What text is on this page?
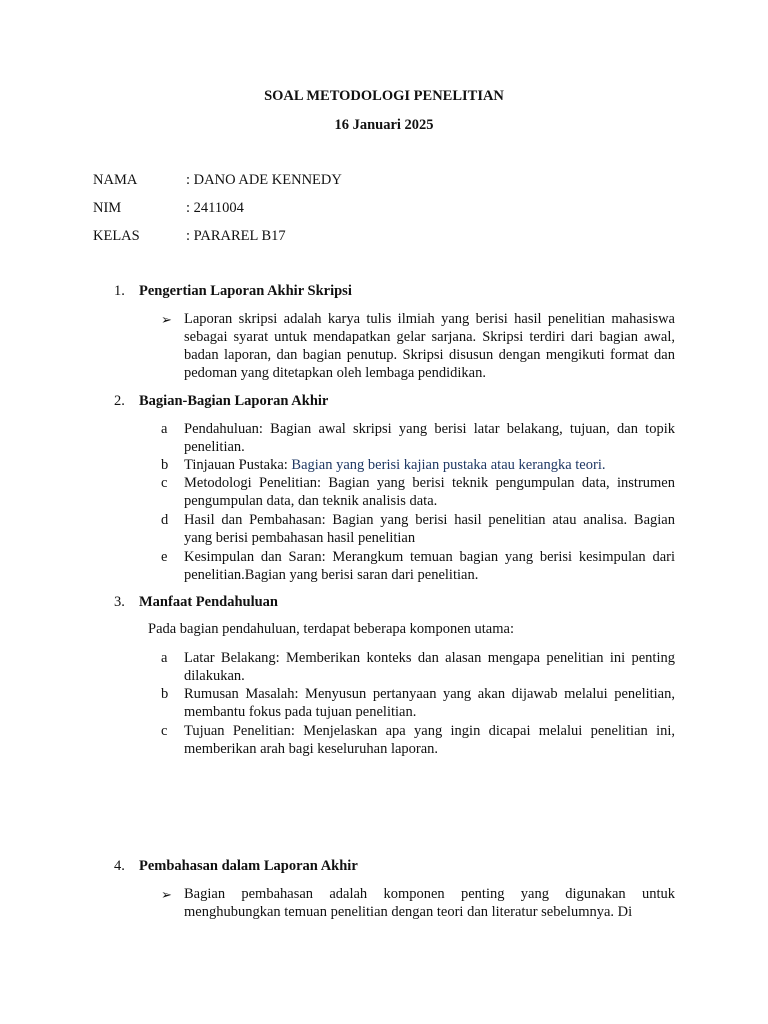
SOAL METODOLOGI PENELITIAN
16 Januari 2025
NAMA	: DANO ADE KENNEDY
NIM	: 2411004
KELAS	: PARAREL B17
1. Pengertian Laporan Akhir Skripsi
➢ Laporan skripsi adalah karya tulis ilmiah yang berisi hasil penelitian mahasiswa sebagai syarat untuk mendapatkan gelar sarjana. Skripsi terdiri dari bagian awal, badan laporan, dan bagian penutup. Skripsi disusun dengan mengikuti format dan pedoman yang ditetapkan oleh lembaga pendidikan.
2. Bagian-Bagian Laporan Akhir
a Pendahuluan: Bagian awal skripsi yang berisi latar belakang, tujuan, dan topik penelitian.
b Tinjauan Pustaka: Bagian yang berisi kajian pustaka atau kerangka teori.
c Metodologi Penelitian: Bagian yang berisi teknik pengumpulan data, instrumen pengumpulan data, dan teknik analisis data.
d Hasil dan Pembahasan: Bagian yang berisi hasil penelitian atau analisa. Bagian yang berisi pembahasan hasil penelitian
e Kesimpulan dan Saran: Merangkum temuan bagian yang berisi kesimpulan dari penelitian.Bagian yang berisi saran dari penelitian.
3. Manfaat Pendahuluan
Pada bagian pendahuluan, terdapat beberapa komponen utama:
a Latar Belakang: Memberikan konteks dan alasan mengapa penelitian ini penting dilakukan.
b Rumusan Masalah: Menyusun pertanyaan yang akan dijawab melalui penelitian, membantu fokus pada tujuan penelitian.
c Tujuan Penelitian: Menjelaskan apa yang ingin dicapai melalui penelitian ini, memberikan arah bagi keseluruhan laporan.
4. Pembahasan dalam Laporan Akhir
➢ Bagian pembahasan adalah komponen penting yang digunakan untuk menghubungkan temuan penelitian dengan teori dan literatur sebelumnya. Di
